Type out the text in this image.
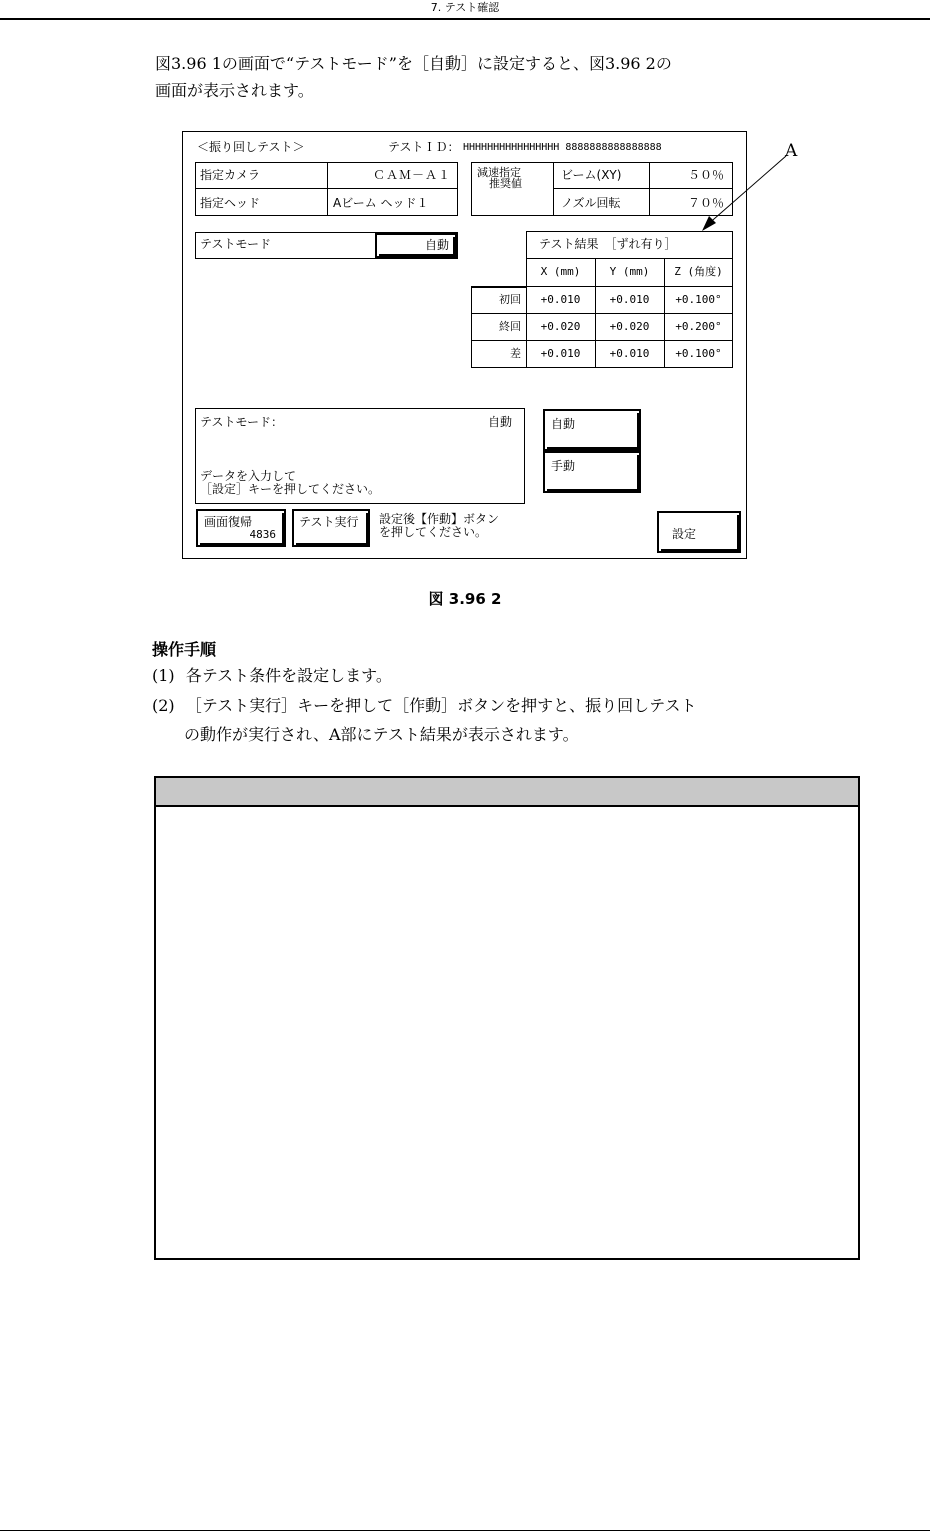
7. テスト確認
図3.96 1の画面で“テストモード”を［自動］に設定すると、図3.96 2の
画面が表示されます。
＜振り回しテスト＞	テストＩＤ： HHHHHHHHHHHHHHHH 8888888888888888
指定カメラ	ＣＡＭ－Ａ１
指定ヘッド	Aビーム ヘッド１
減速指定
推奨値
ビーム(XY)	５０％
ノズル回転	７０％
テストモード	自動	テスト結果　［ずれ有り］
X (mm)	Y (mm)	Z (角度)
初回	+0.010	+0.010	+0.100°
終回	+0.020	+0.020	+0.200°
差	+0.010	+0.010	+0.100°
テストモード：	自動
データを入力して
［設定］キーを押してください。
自動
手動
画面復帰
4836
テスト実行 設定後【作動】ボタン
を押してください。	設定
A
図 3.96 2
操作手順
(1) 各テスト条件を設定します。
(2) ［テスト実行］キーを押して［作動］ボタンを押すと、振り回しテスト
の動作が実行され、A部にテスト結果が表示されます。
